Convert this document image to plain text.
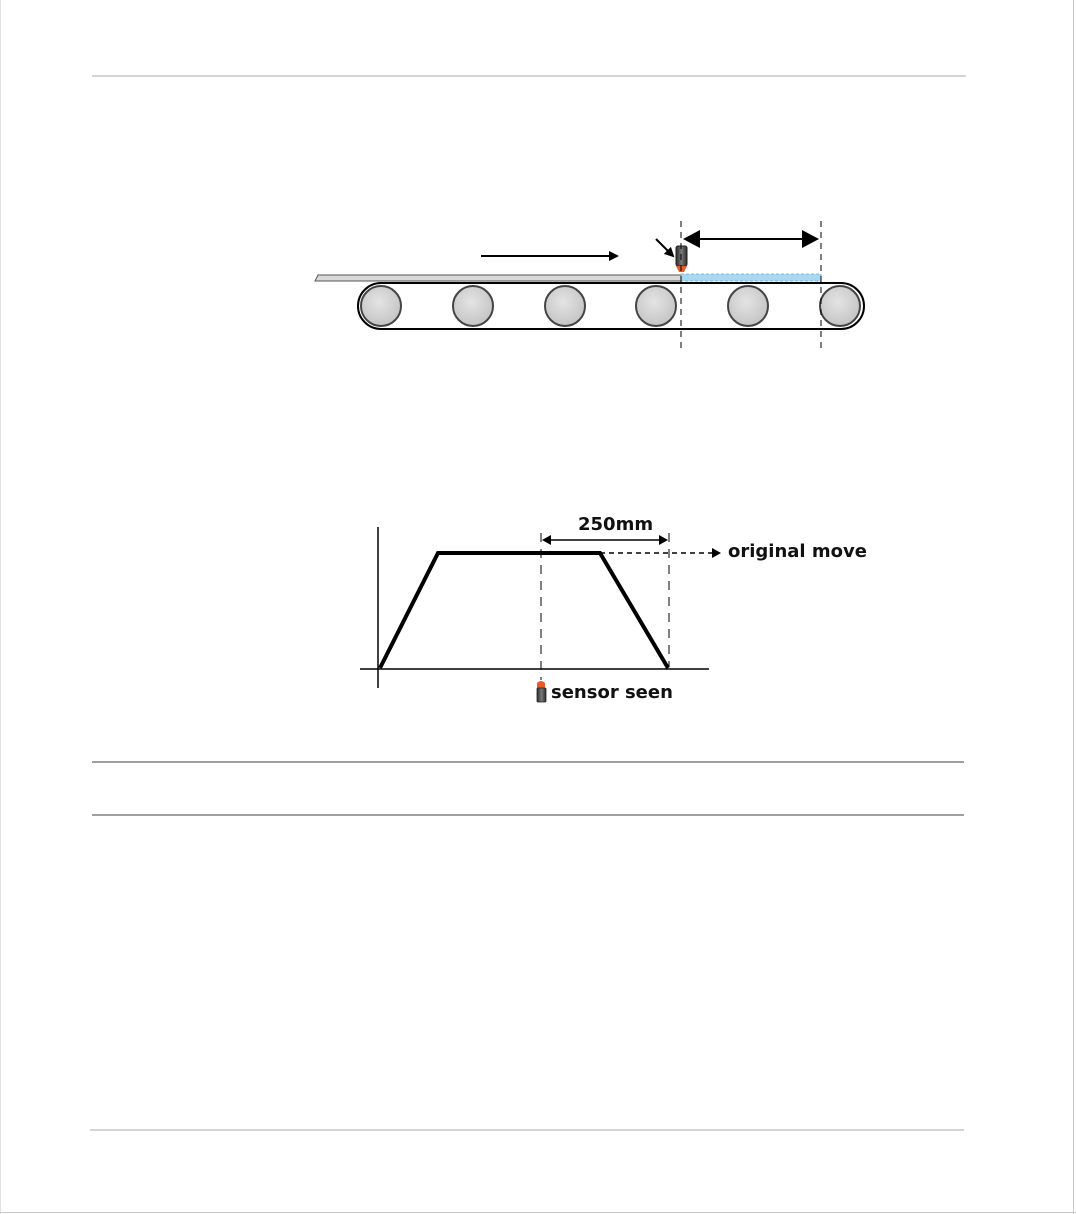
250mm
original move
sensor seen
